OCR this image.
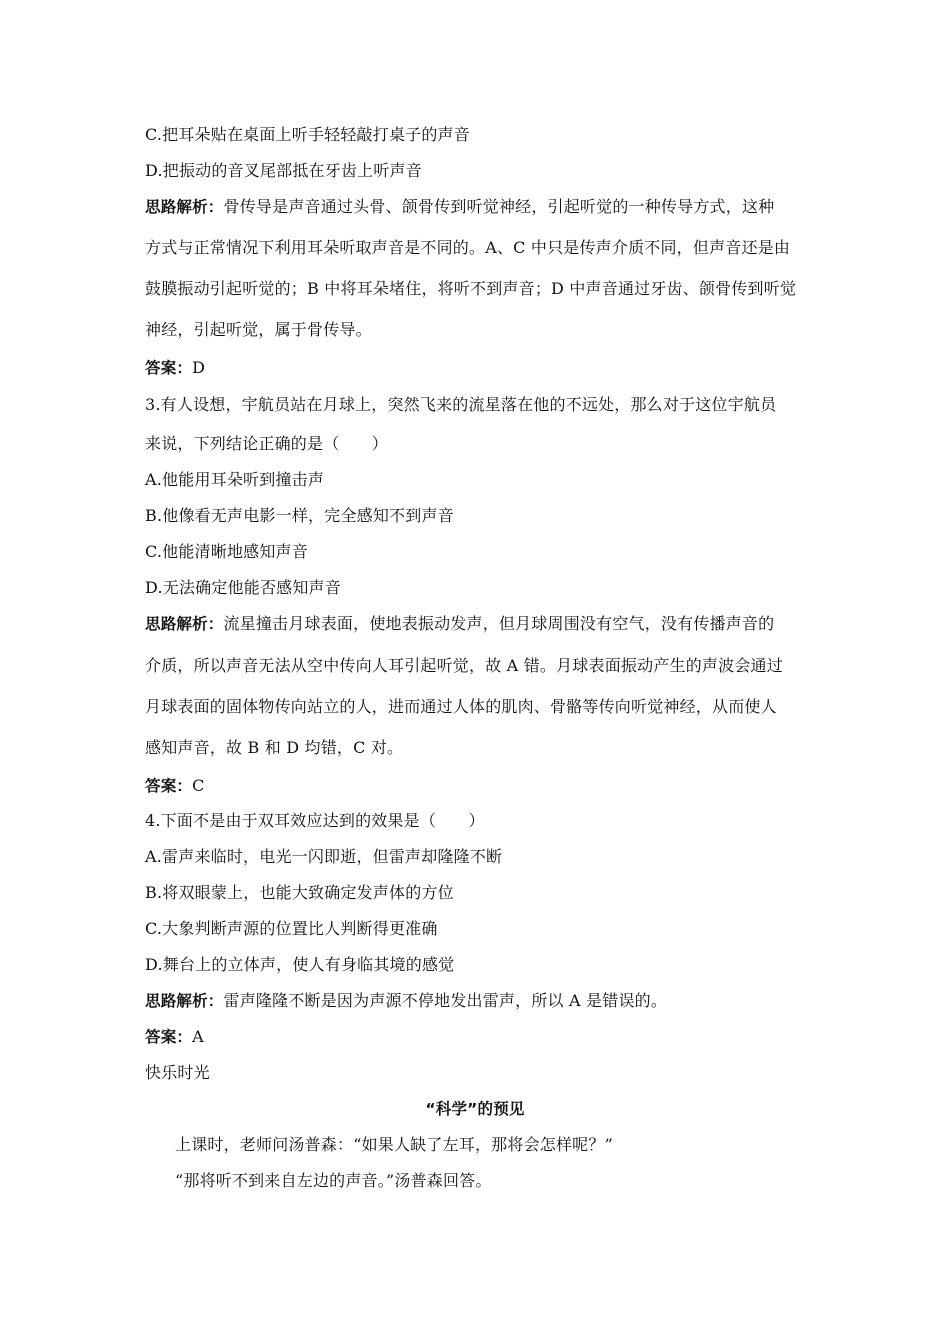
C.把耳朵贴在桌面上听手轻轻敲打桌子的声音
D.把振动的音叉尾部抵在牙齿上听声音
思路解析：骨传导是声音通过头骨、颌骨传到听觉神经，引起听觉的一种传导方式，这种
方式与正常情况下利用耳朵听取声音是不同的。A、C 中只是传声介质不同，但声音还是由
鼓膜振动引起听觉的；B 中将耳朵堵住，将听不到声音；D 中声音通过牙齿、颌骨传到听觉
神经，引起听觉，属于骨传导。
答案：D
3.有人设想，宇航员站在月球上，突然飞来的流星落在他的不远处，那么对于这位宇航员
来说，下列结论正确的是（　　）
A.他能用耳朵听到撞击声
B.他像看无声电影一样，完全感知不到声音
C.他能清晰地感知声音
D.无法确定他能否感知声音
思路解析：流星撞击月球表面，使地表振动发声，但月球周围没有空气，没有传播声音的
介质，所以声音无法从空中传向人耳引起听觉，故 A 错。月球表面振动产生的声波会通过
月球表面的固体物传向站立的人，进而通过人体的肌肉、骨骼等传向听觉神经，从而使人
感知声音，故 B 和 D 均错，C 对。
答案：C
4.下面不是由于双耳效应达到的效果是（　　）
A.雷声来临时，电光一闪即逝，但雷声却隆隆不断
B.将双眼蒙上，也能大致确定发声体的方位
C.大象判断声源的位置比人判断得更准确
D.舞台上的立体声，使人有身临其境的感觉
思路解析：雷声隆隆不断是因为声源不停地发出雷声，所以 A 是错误的。
答案：A
快乐时光
“科学”的预见
上课时，老师问汤普森：“如果人缺了左耳，那将会怎样呢？”
“那将听不到来自左边的声音。”汤普森回答。
